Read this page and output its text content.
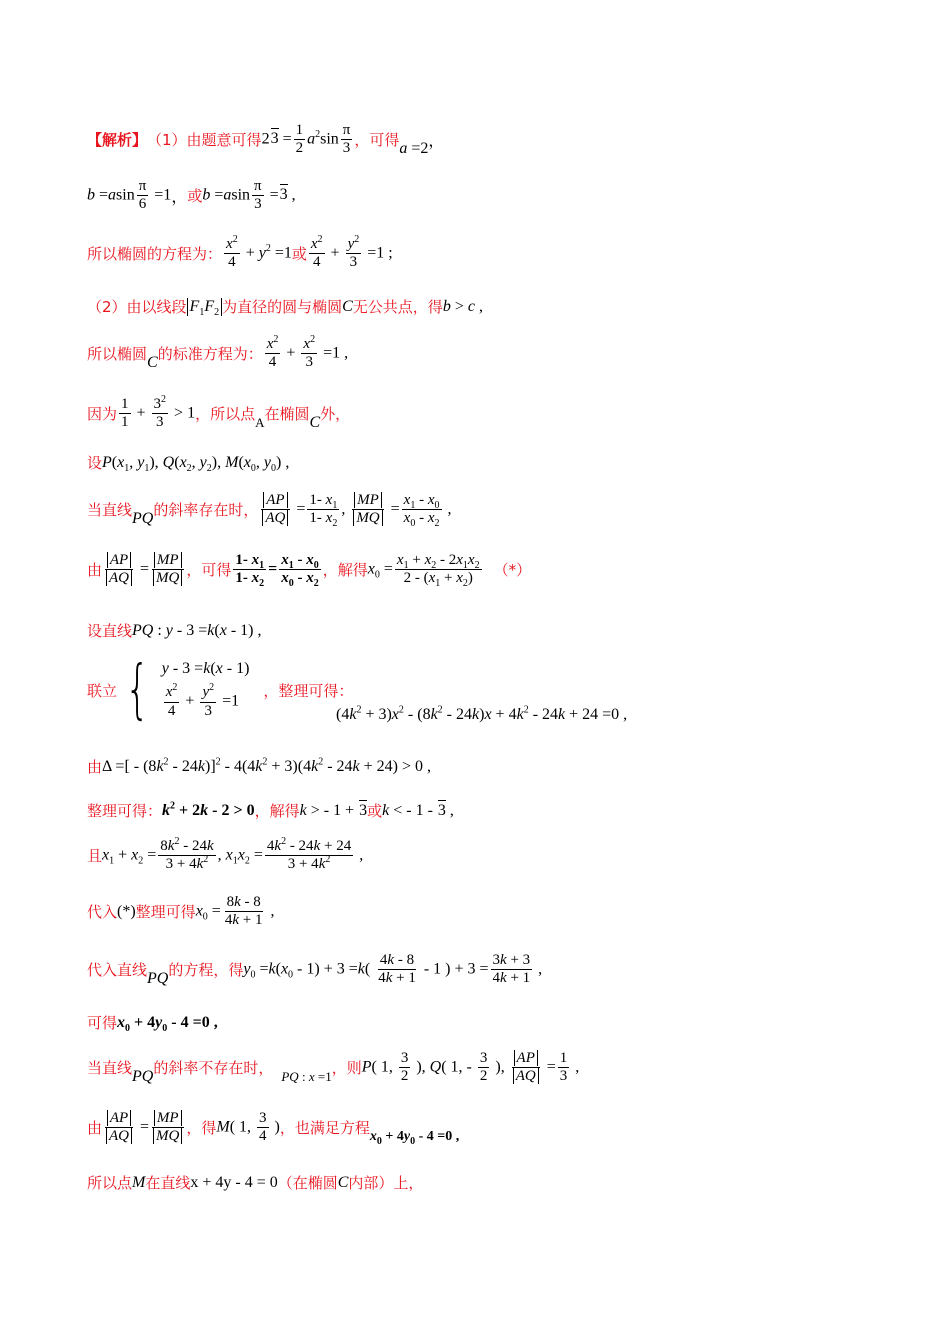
【解析】 （1）由题意可得 $23 = \frac{1}{2} a^2\sin \frac{\pi}{3}$ ，可得 a =2 ，
$b =asin \frac{\pi}{6} =1$ ， 或 $b =asin \frac{\pi}{3} =3$ ,
所以椭圆的方程为： $\frac{x^2}{4} + y^2 =1$ 或 $\frac{x^2}{4} + \frac{y^2}{3} =1$ ;
（2）由以线段 $F_1F_2$ 为直径的圆与椭圆 C 无公共点，得 b > c ,
所以椭圆 C 的标准方程为： $\frac{x^2}{4} + \frac{x^2}{3} =1$ ,
因为 $\frac{1}{1} + \frac{3^2}{3} > 1$ ，所以点 A 在椭圆 C 外，
设 $P(x_1$, $y_1$), $Q(x_2$, $y_2$), $M(x_0$, $y_0$) ,
当直线 PQ 的斜率存在时， $\frac{AP}{AQ} = \frac{1- x_1}{1- x_2}$ , $\frac{MP}{MQ} = \frac{x_1 - x_0}{x_0 - x_2}$ ,
由 $\frac{AP}{AQ} = \frac{MP}{MQ}$ ，可得 $\frac{1- x_1}{1- x_2} = \frac{x_1 - x_0}{x_0 - x_2}$ ，解得 $x_0 = \frac{x_1 + x_2 - 2x_1x_2}{2 - (x_1 + x_2)}$ （*）
设直线 PQ : y - 3 =k(x - 1) ,
联立 { y - 3 =k(x - 1)
$\frac{x^2}{4} + \frac{y^2}{3} =1$
，整理可得：
$(4k^2 + 3)x^2 - (8k^2 - 24k)x + 4k^2 - 24k + 24 =0$ ,
由 Δ =[ - $(8k^2 - 24k)]^2 - 4(4k^2 + 3)(4k^2 - 24k + 24) > 0$ ,
整理可得： $k^2 + 2k - 2 > 0$ ，解得 k > - 1 + 3 或 k < - 1 - 3 ,
且 $x_1 + x_2 = \frac{8k^2 - 24k}{3 + 4k^2}$ , $x_1x_2 = \frac{4k^2 - 24k + 24}{3 + 4k^2}$ ,
代入 (*) 整理可得 $x_0 = \frac{8k - 8}{4k + 1}$ ,
代入直线 PQ 的方程，得 $y_0 =k(x_0 - 1) + 3 =k( \frac{4k - 8}{4k + 1} - 1$ ) + $3 = \frac{3k + 3}{4k + 1}$ ,
可得 $x_0 + 4y_0 - 4 =0$ ,
当直线 PQ 的斜率不存在时， PQ : x =1 ，则 P( 1, $\frac{3}{2}$ ), Q( 1, - $\frac{3}{2}$ ), $\frac{AP}{AQ} = \frac{1}{3}$ ,
由 $\frac{AP}{AQ} = \frac{MP}{MQ}$ ，得 M( 1, $\frac{3}{4}$ ) ，也满足方程 $x_0 + 4y_0 - 4 =0$ ,
所以点 M 在直线 x + 4y - 4 = 0 （在椭圆 C 内部）上，
